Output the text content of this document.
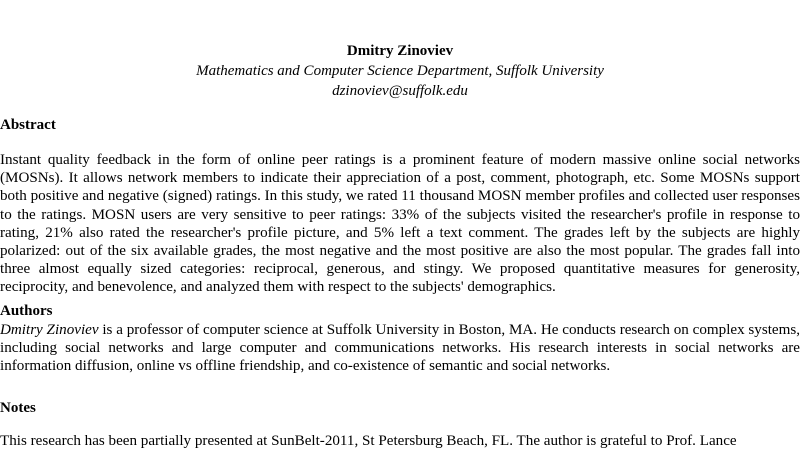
Dmitry Zinoviev
Mathematics and Computer Science Department, Suffolk University
dzinoviev@suffolk.edu
Abstract

Instant quality feedback in the form of online peer ratings is a prominent feature of modern massive online social networks (MOSNs). It allows network members to indicate their appreciation of a post, comment, photograph, etc. Some MOSNs support both positive and negative (signed) ratings. In this study, we rated 11 thousand MOSN member profiles and collected user responses to the ratings. MOSN users are very sensitive to peer ratings: 33% of the subjects visited the researcher's profile in response to rating, 21% also rated the researcher's profile picture, and 5% left a text comment. The grades left by the subjects are highly polarized: out of the six available grades, the most negative and the most positive are also the most popular. The grades fall into three almost equally sized categories: reciprocal, generous, and stingy. We proposed quantitative measures for generosity, reciprocity, and benevolence, and analyzed them with respect to the subjects' demographics.

Authors

Dmitry Zinoviev is a professor of computer science at Suffolk University in Boston, MA. He conducts research on complex systems, including social networks and large computer and communications networks. His research interests in social networks are information diffusion, online vs offline friendship, and co-existence of semantic and social networks.

Notes

This research has been partially presented at SunBelt-2011, St Petersburg Beach, FL. The author is grateful to Prof. Lance
